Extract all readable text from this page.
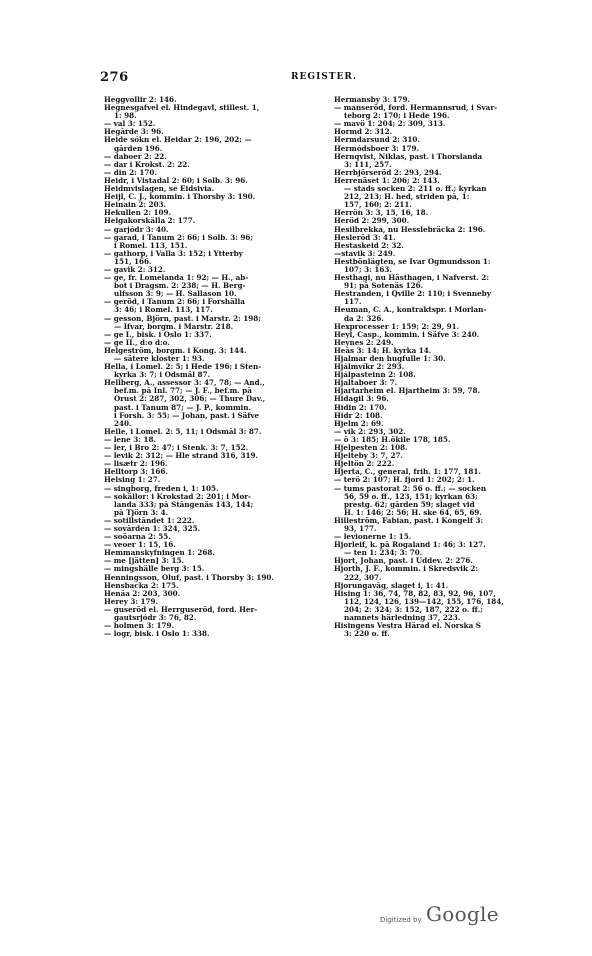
276	REGISTER.
Heggvollir 2: 146.
Hegnesgafvel el. Hindegavl, stillest. 1,
1: 98.
— val 3: 152.
Hegårde 3: 96.
Heide sókn el. Heidar 2: 196, 202; —
gården 196.
— daboer 2: 22.
— dar i Krokst. 2: 22.
— din 2: 170.
Heidr, i Vistadal 2: 60; i Solb. 3: 96.
Heidmvislagen, se Eidsivia.
Heijl, C. J., kommin. i Thorsby 3: 190.
Heinain 2: 203.
Hekullen 2: 109.
Helgakorskälla 2: 177.
— garjódr 3: 40.
— garad, i Tanum 2: 66; i Solb. 3: 96;
i Romel. 113, 151.
— gathorp, i Valla 3: 152; i Ytterby
151, 166.
— gavik 2: 312.
— ge, fr. Lomelanda 1: 92; — H., ab-
bot i Dragsm. 2: 238; — H. Berg-
ulfsson 3: 9; — H. Sallason 10.
— geröd, i Tanum 2: 66; i Forshälla
3: 46; i Romel. 113, 117.
— gesson, Björn, past. i Marstr. 2: 198;
— Ifvar, borgm. i Marstr. 218.
— ge I., bisk. i Oslo 1: 337.
— ge II., d:o d:o.
Helgeström, borgm. i Kong. 3: 144.
— sätere kloster 1: 93.
Hella, i Lomel. 2: 5; i Hede 196; i Sten-
kyrka 3: 7; i Ödsmål 87.
Hellberg, A., assessor 3: 47, 78; — And.,
bef.m. på Inl. 77; — J. F., bef.m. på
Orust 2: 287, 302, 306; — Thure Dav.,
past. i Tanum 87; — J. P., kommin.
i Forsh. 3: 55; — Johan, past. i Säfve
240.
Helle, i Lomel. 2: 5, 11; i Ödsmål 3: 87.
— lene 3: 18.
— ler, i Bro 2: 47; i Stenk. 3: 7, 152.
— levik 2: 312; — Hle strand 316, 319.
— lisætr 2: 196.
Helltorp 3: 166.
Helsing 1: 27.
— singborg, freden i, 1: 105.
— sokällor: i Krokstad 2: 201; i Mor-
landa 333; på Stångenäs 143, 144;
på Tjörn 3: 4.
— sotillståndet 1: 222.
— sovården 1: 324, 325.
— soöarna 2: 55.
— veoer 1: 15, 16.
Hemmanskyfningen 1: 268.
— me [jätten] 3: 15.
— mingshälle berg 3: 15.
Henningsson, Oluf, past. i Thorsby 3: 190.
Hensbacka 2: 175.
Henåa 2: 203, 300.
Herey 3: 179.
— guseröd el. Herrguseröd, ford. Her-
gautsrjódr 3: 76, 82.
— holmen 3: 179.
— logr, bisk. i Oslo 1: 338.
Hermansby 3: 179.
— manseröd, ford. Hermannsrud, i Svar-
teborg 2: 170; i Hede 196.
— mavö 1: 204; 2: 309, 313.
Hormd 2: 312.
Hermdarsund 2: 310.
Hermódsboer 3: 179.
Hernqvist, Niklas, past. i Thorslanda
3: 111, 257.
Herrbjörseröd 2: 293, 294.
Herrenäset 1: 206; 2: 143.
— stads socken 2: 211 o. ff.; kyrkan
212, 213; H. hed, striden på, 1:
157, 160; 2: 211.
Herrön 3: 3, 15, 16, 18.
Heröd 2: 299, 300.
Hesilbrekka, nu Hesslebräcka 2: 196.
Hesleröd 3: 41.
Hestaskeid 2: 32.
—stavik 3: 249.
Hestbönlägten, se Ivar Ögmundsson 1:
107; 3: 163.
Hesthagi, nu Hästhagen, i Nafverst. 2:
91; på Sotenäs 126.
Hestranden, i Qville 2: 110; i Svenneby
117.
Heuman, C. A., kontraktspr. i Morlan-
da 2: 326.
Hexprocesser 1: 159; 2: 29, 91.
Heyl, Casp., kommin. i Säfve 3: 240.
Heynes 2: 249.
Heås 3: 14; H. kyrka 14.
Hjalmar den hugfulle 1: 30.
Hjálmvíkr 2: 293.
Hjálpasteinn 2: 108.
Hjaltaboer 3: 7.
Hjartarheim el. Hjartheim 3: 59, 78.
Hidagil 3: 96.
Hidin 2: 170.
Hidr 2: 108.
Hjelm 2: 69.
— vik 2: 293, 302.
— ö 3: 185; H.ökile 178, 185.
Hjelpesten 2: 108.
Hjelteby 3: 7, 27.
Hjeltön 2: 222.
Hjerta, C., general, frih. 1: 177, 181.
— terö 2: 107; H. fjord 1: 202; 2: 1.
— tums pastorat 2: 56 o. ff.; — socken
56, 59 o. ff., 123, 151; kyrkan 63;
prestg. 62; gården 59; slaget vid
H. 1: 146; 2: 56; H. ske 64, 65, 69.
Hilleström, Fabian, past. i Kongelf 3:
93, 177.
— levionerne 1: 15.
Hjorleif, k. på Rogaland 1: 46; 3: 127.
— ten 1: 234; 3: 70.
Hjort, Johan, past. i Uddev. 2: 276.
Hjorth, J. F., kommin. i Skredsvik 2:
222, 307.
Hjorungavåg, slaget i, 1: 41.
Hising 1: 36, 74, 78, 82, 83, 92, 96, 107,
112, 124, 126, 139—142, 155, 176, 184,
204; 2: 324; 3: 152, 187, 222 o. ff.;
namnets härledning 37, 223.
Hisingens Vestra Härad el. Norska S
3: 220 o. ff.
Digitized by Google
